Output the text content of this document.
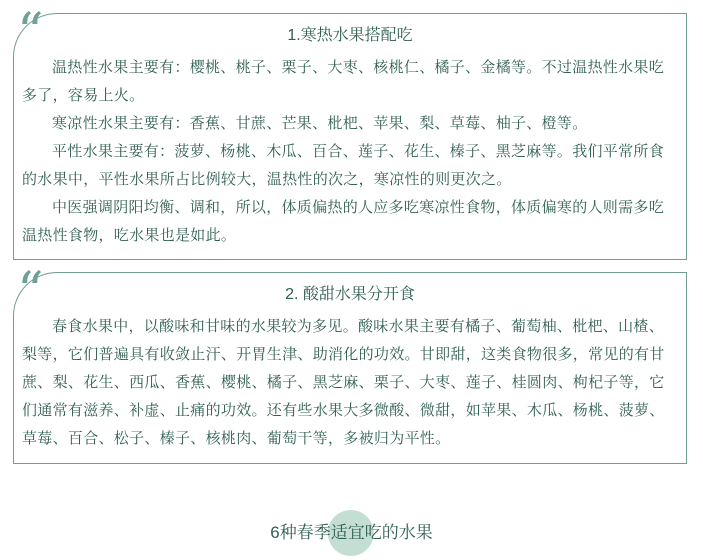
“	1.寒热水果搭配吃

温热性水果主要有：樱桃、桃子、栗子、大枣、核桃仁、橘子、金橘等。不过温热性水果吃多了，容易上火。

寒凉性水果主要有：香蕉、甘蔗、芒果、枇杷、苹果、梨、草莓、柚子、橙等。

平性水果主要有：菠萝、杨桃、木瓜、百合、莲子、花生、榛子、黑芝麻等。我们平常所食的水果中，平性水果所占比例较大，温热性的次之，寒凉性的则更次之。

中医强调阴阳均衡、调和，所以，体质偏热的人应多吃寒凉性食物，体质偏寒的人则需多吃温热性食物，吃水果也是如此。

“	2. 酸甜水果分开食

春食水果中，以酸味和甘味的水果较为多见。酸味水果主要有橘子、葡萄柚、枇杷、山楂、梨等，它们普遍具有收敛止汗、开胃生津、助消化的功效。甘即甜，这类食物很多，常见的有甘蔗、梨、花生、西瓜、香蕉、樱桃、橘子、黑芝麻、栗子、大枣、莲子、桂圆肉、枸杞子等，它们通常有滋养、补虚、止痛的功效。还有些水果大多微酸、微甜，如苹果、木瓜、杨桃、菠萝、草莓、百合、松子、榛子、核桃肉、葡萄干等，多被归为平性。

6种春季
适宜吃的水果
